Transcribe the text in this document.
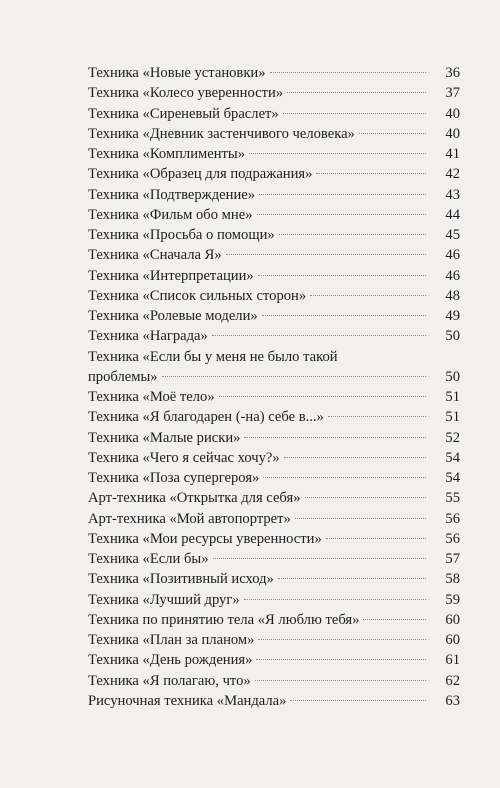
Техника «Новые установки»	36
Техника «Колесо уверенности»	37
Техника «Сиреневый браслет»	40
Техника «Дневник застенчивого человека»	40
Техника «Комплименты»	41
Техника «Образец для подражания»	42
Техника «Подтверждение»	43
Техника «Фильм обо мне»	44
Техника «Просьба о помощи»	45
Техника «Сначала Я»	46
Техника «Интерпретации»	46
Техника «Список сильных сторон»	48
Техника «Ролевые модели»	49
Техника «Награда»	50
Техника «Если бы у меня не было такой
проблемы»	50
Техника «Моё тело»	51
Техника «Я благодарен (-на) себе в...»	51
Техника «Малые риски»	52
Техника «Чего я сейчас хочу?»	54
Техника «Поза супергероя»	54
Арт-техника «Открытка для себя»	55
Арт-техника «Мой автопортрет»	56
Техника «Мои ресурсы уверенности»	56
Техника «Если бы»	57
Техника «Позитивный исход»	58
Техника «Лучший друг»	59
Техника по принятию тела «Я люблю тебя»	60
Техника «План за планом»	60
Техника «День рождения»	61
Техника «Я полагаю, что»	62
Рисуночная техника «Мандала»	63
